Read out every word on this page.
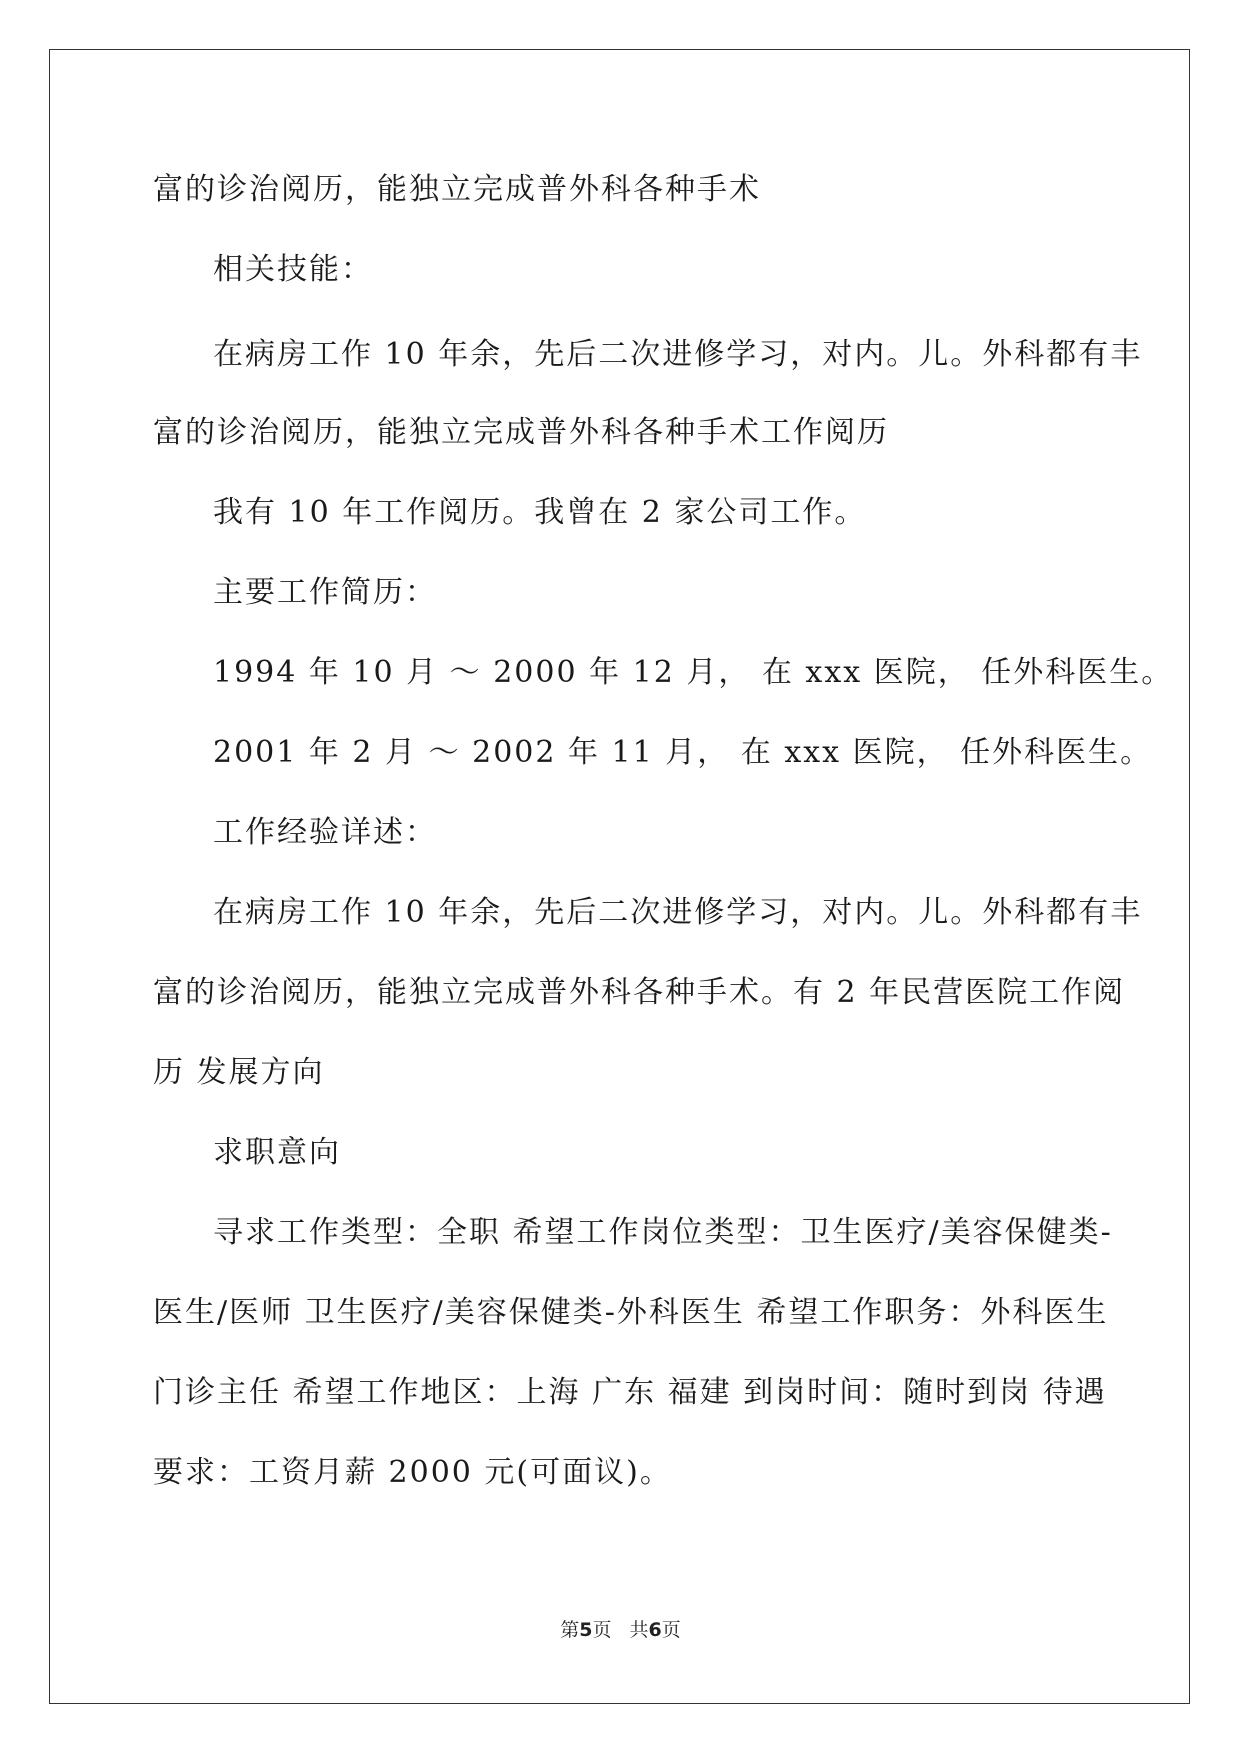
富的诊治阅历，能独立完成普外科各种手术
相关技能：
在病房工作 10 年余，先后二次进修学习，对内。儿。外科都有丰
富的诊治阅历，能独立完成普外科各种手术工作阅历
我有 10 年工作阅历。我曾在 2 家公司工作。
主要工作简历：
1994 年 10 月 ～ 2000 年 12 月， 在 xxx 医院， 任外科医生。
2001 年 2 月 ～ 2002 年 11 月， 在 xxx 医院， 任外科医生。
工作经验详述：
在病房工作 10 年余，先后二次进修学习，对内。儿。外科都有丰
富的诊治阅历，能独立完成普外科各种手术。有 2 年民营医院工作阅
历 发展方向
求职意向
寻求工作类型：全职 希望工作岗位类型：卫生医疗/美容保健类-
医生/医师 卫生医疗/美容保健类-外科医生 希望工作职务：外科医生
门诊主任 希望工作地区：上海 广东 福建 到岗时间：随时到岗 待遇
要求：工资月薪 2000 元(可面议)。
第5页 共6页
